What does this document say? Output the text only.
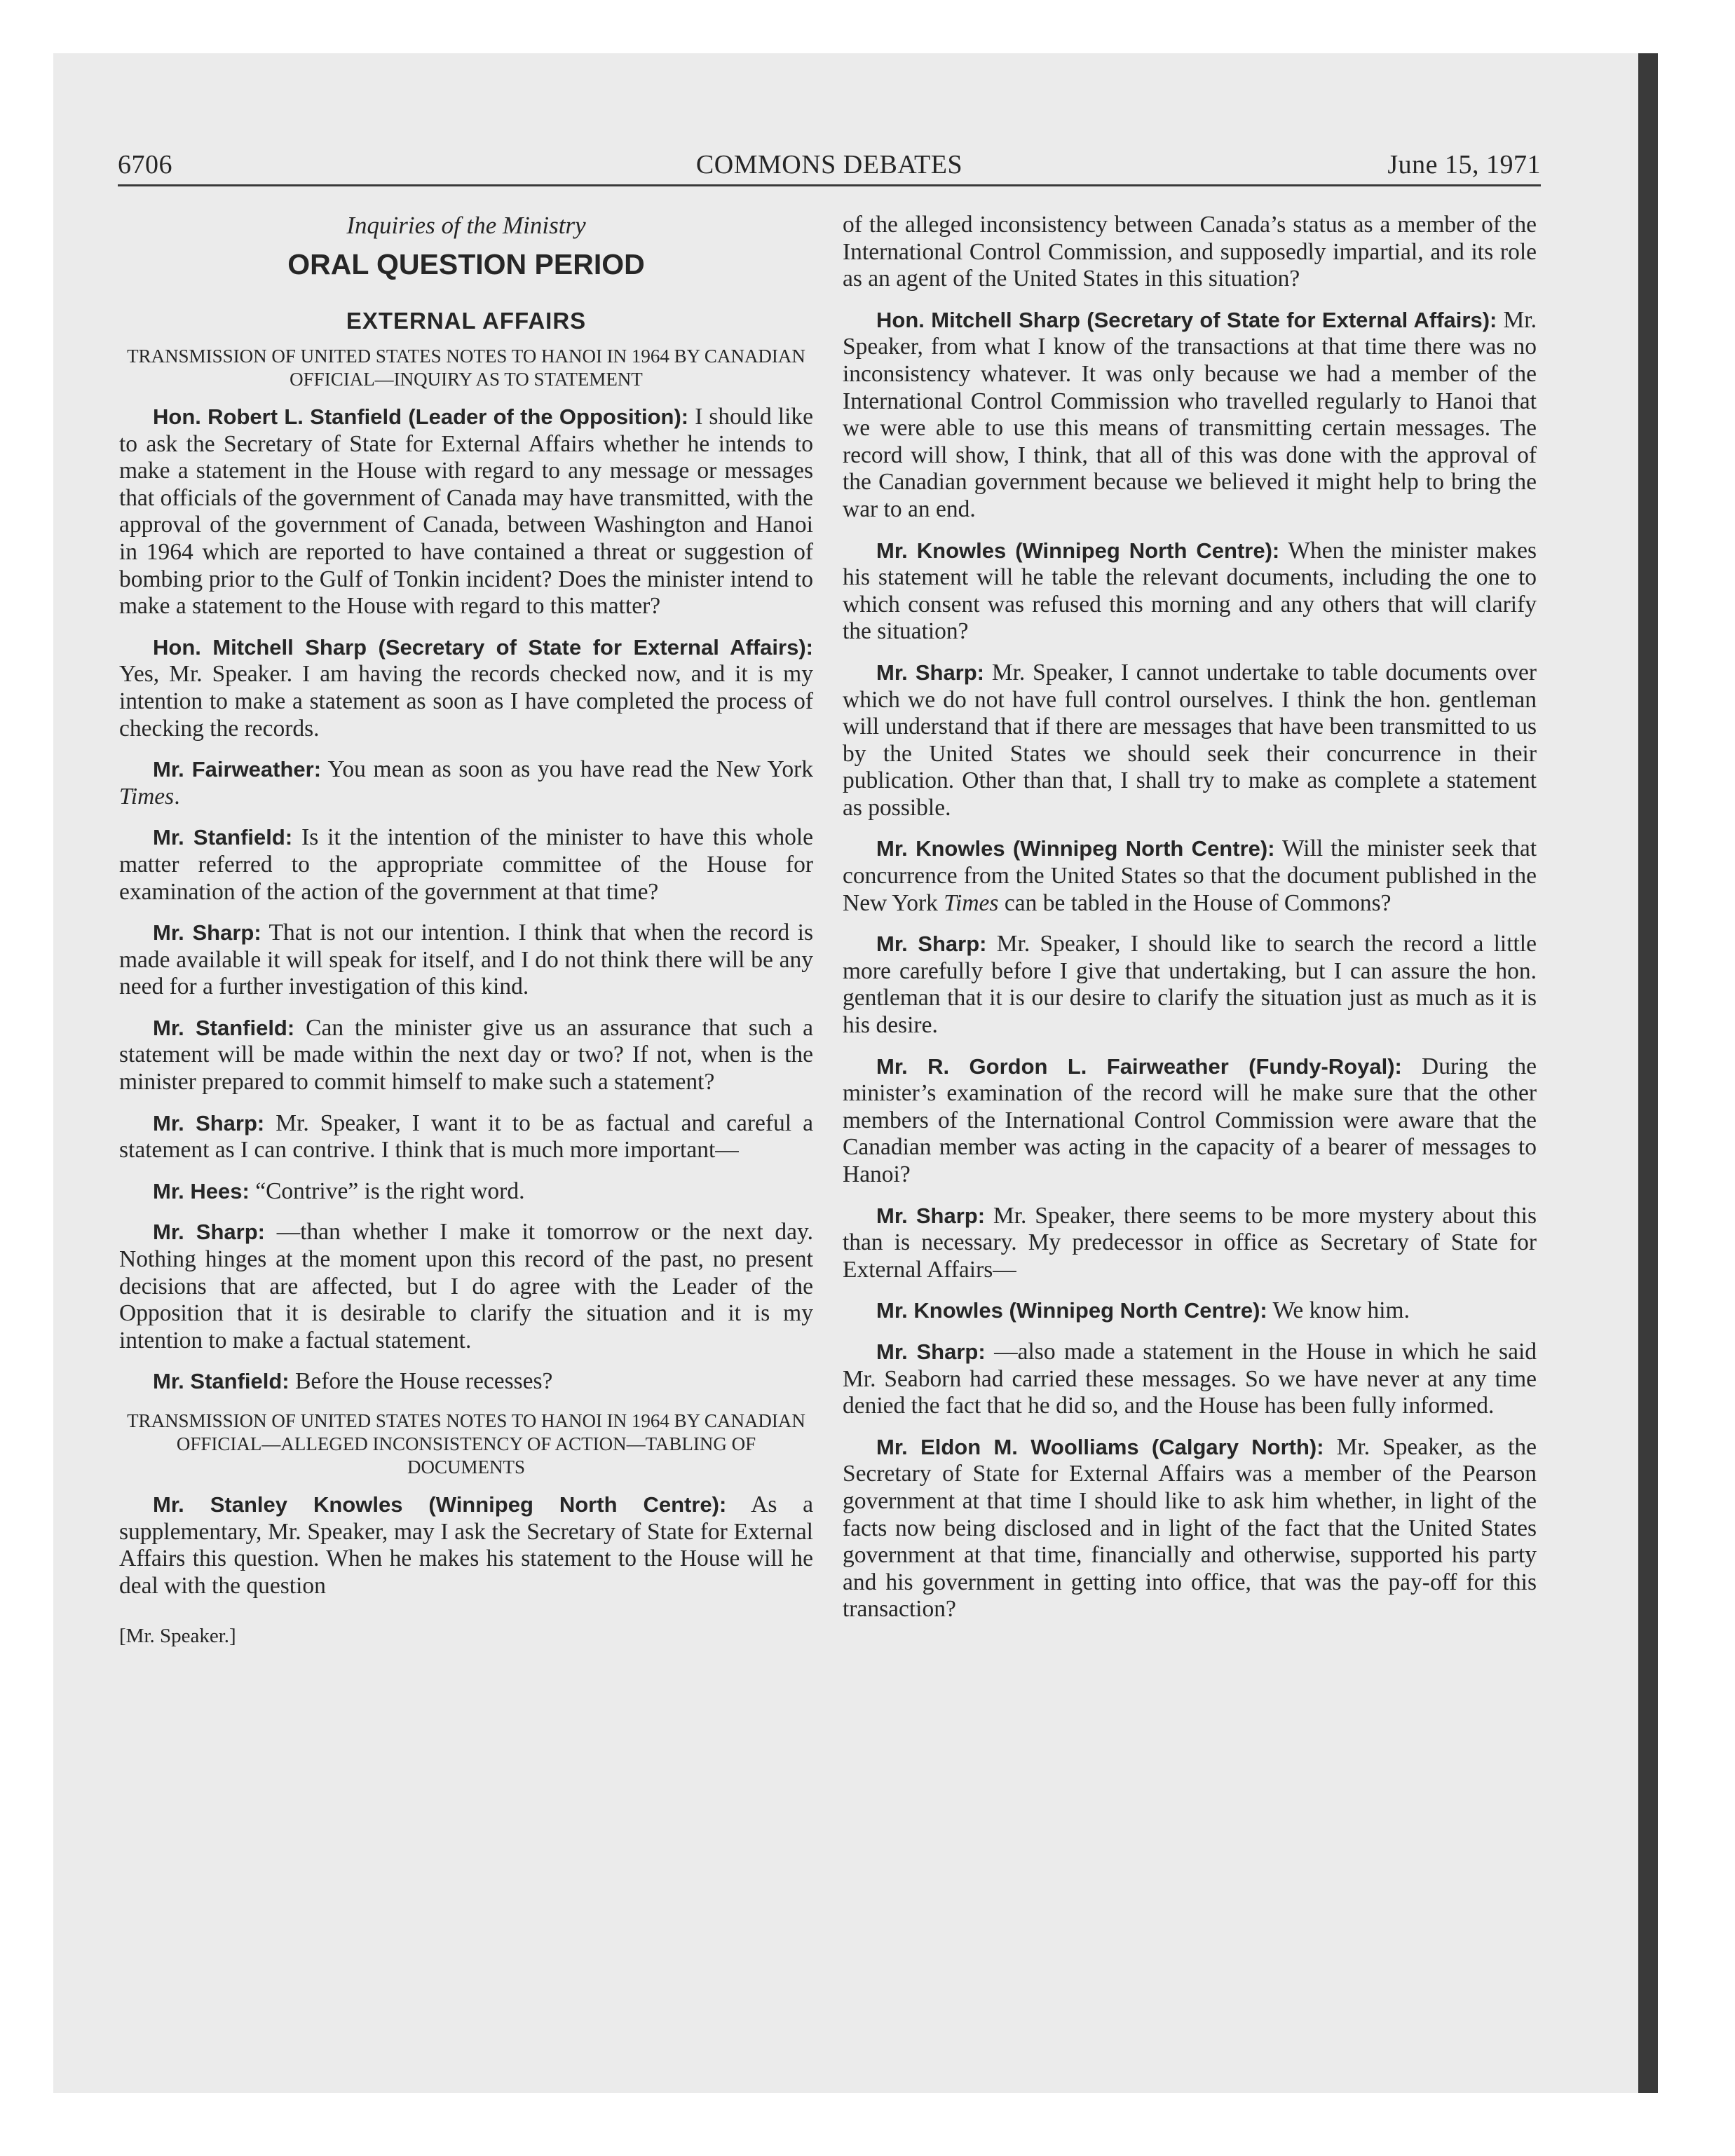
6706	COMMONS DEBATES	June 15, 1971

Inquiries of the Ministry

ORAL QUESTION PERIOD

EXTERNAL AFFAIRS

TRANSMISSION OF UNITED STATES NOTES TO HANOI IN 1964 BY CANADIAN OFFICIAL—INQUIRY AS TO STATEMENT

Hon. Robert L. Stanfield (Leader of the Opposition): I should like to ask the Secretary of State for External Affairs whether he intends to make a statement in the House with regard to any message or messages that officials of the government of Canada may have transmitted, with the approval of the government of Canada, between Washington and Hanoi in 1964 which are reported to have contained a threat or suggestion of bombing prior to the Gulf of Tonkin incident? Does the minister intend to make a statement to the House with regard to this matter?

Hon. Mitchell Sharp (Secretary of State for External Affairs): Yes, Mr. Speaker. I am having the records checked now, and it is my intention to make a statement as soon as I have completed the process of checking the records.

Mr. Fairweather: You mean as soon as you have read the New York Times.

Mr. Stanfield: Is it the intention of the minister to have this whole matter referred to the appropriate committee of the House for examination of the action of the government at that time?

Mr. Sharp: That is not our intention. I think that when the record is made available it will speak for itself, and I do not think there will be any need for a further investigation of this kind.

Mr. Stanfield: Can the minister give us an assurance that such a statement will be made within the next day or two? If not, when is the minister prepared to commit himself to make such a statement?

Mr. Sharp: Mr. Speaker, I want it to be as factual and careful a statement as I can contrive. I think that is much more important—

Mr. Hees: “Contrive” is the right word.

Mr. Sharp: —than whether I make it tomorrow or the next day. Nothing hinges at the moment upon this record of the past, no present decisions that are affected, but I do agree with the Leader of the Opposition that it is desirable to clarify the situation and it is my intention to make a factual statement.

Mr. Stanfield: Before the House recesses?

TRANSMISSION OF UNITED STATES NOTES TO HANOI IN 1964 BY CANADIAN OFFICIAL—ALLEGED INCONSISTENCY OF ACTION—TABLING OF DOCUMENTS

Mr. Stanley Knowles (Winnipeg North Centre): As a supplementary, Mr. Speaker, may I ask the Secretary of State for External Affairs this question. When he makes his statement to the House will he deal with the question

[Mr. Speaker.]

of the alleged inconsistency between Canada’s status as a member of the International Control Commission, and supposedly impartial, and its role as an agent of the United States in this situation?

Hon. Mitchell Sharp (Secretary of State for External Affairs): Mr. Speaker, from what I know of the transactions at that time there was no inconsistency whatever. It was only because we had a member of the International Control Commission who travelled regularly to Hanoi that we were able to use this means of transmitting certain messages. The record will show, I think, that all of this was done with the approval of the Canadian government because we believed it might help to bring the war to an end.

Mr. Knowles (Winnipeg North Centre): When the minister makes his statement will he table the relevant documents, including the one to which consent was refused this morning and any others that will clarify the situation?

Mr. Sharp: Mr. Speaker, I cannot undertake to table documents over which we do not have full control ourselves. I think the hon. gentleman will understand that if there are messages that have been transmitted to us by the United States we should seek their concurrence in their publication. Other than that, I shall try to make as complete a statement as possible.

Mr. Knowles (Winnipeg North Centre): Will the minister seek that concurrence from the United States so that the document published in the New York Times can be tabled in the House of Commons?

Mr. Sharp: Mr. Speaker, I should like to search the record a little more carefully before I give that undertaking, but I can assure the hon. gentleman that it is our desire to clarify the situation just as much as it is his desire.

Mr. R. Gordon L. Fairweather (Fundy-Royal): During the minister’s examination of the record will he make sure that the other members of the International Control Commission were aware that the Canadian member was acting in the capacity of a bearer of messages to Hanoi?

Mr. Sharp: Mr. Speaker, there seems to be more mystery about this than is necessary. My predecessor in office as Secretary of State for External Affairs—

Mr. Knowles (Winnipeg North Centre): We know him.

Mr. Sharp: —also made a statement in the House in which he said Mr. Seaborn had carried these messages. So we have never at any time denied the fact that he did so, and the House has been fully informed.

Mr. Eldon M. Woolliams (Calgary North): Mr. Speaker, as the Secretary of State for External Affairs was a member of the Pearson government at that time I should like to ask him whether, in light of the facts now being disclosed and in light of the fact that the United States government at that time, financially and otherwise, supported his party and his government in getting into office, that was the pay-off for this transaction?
